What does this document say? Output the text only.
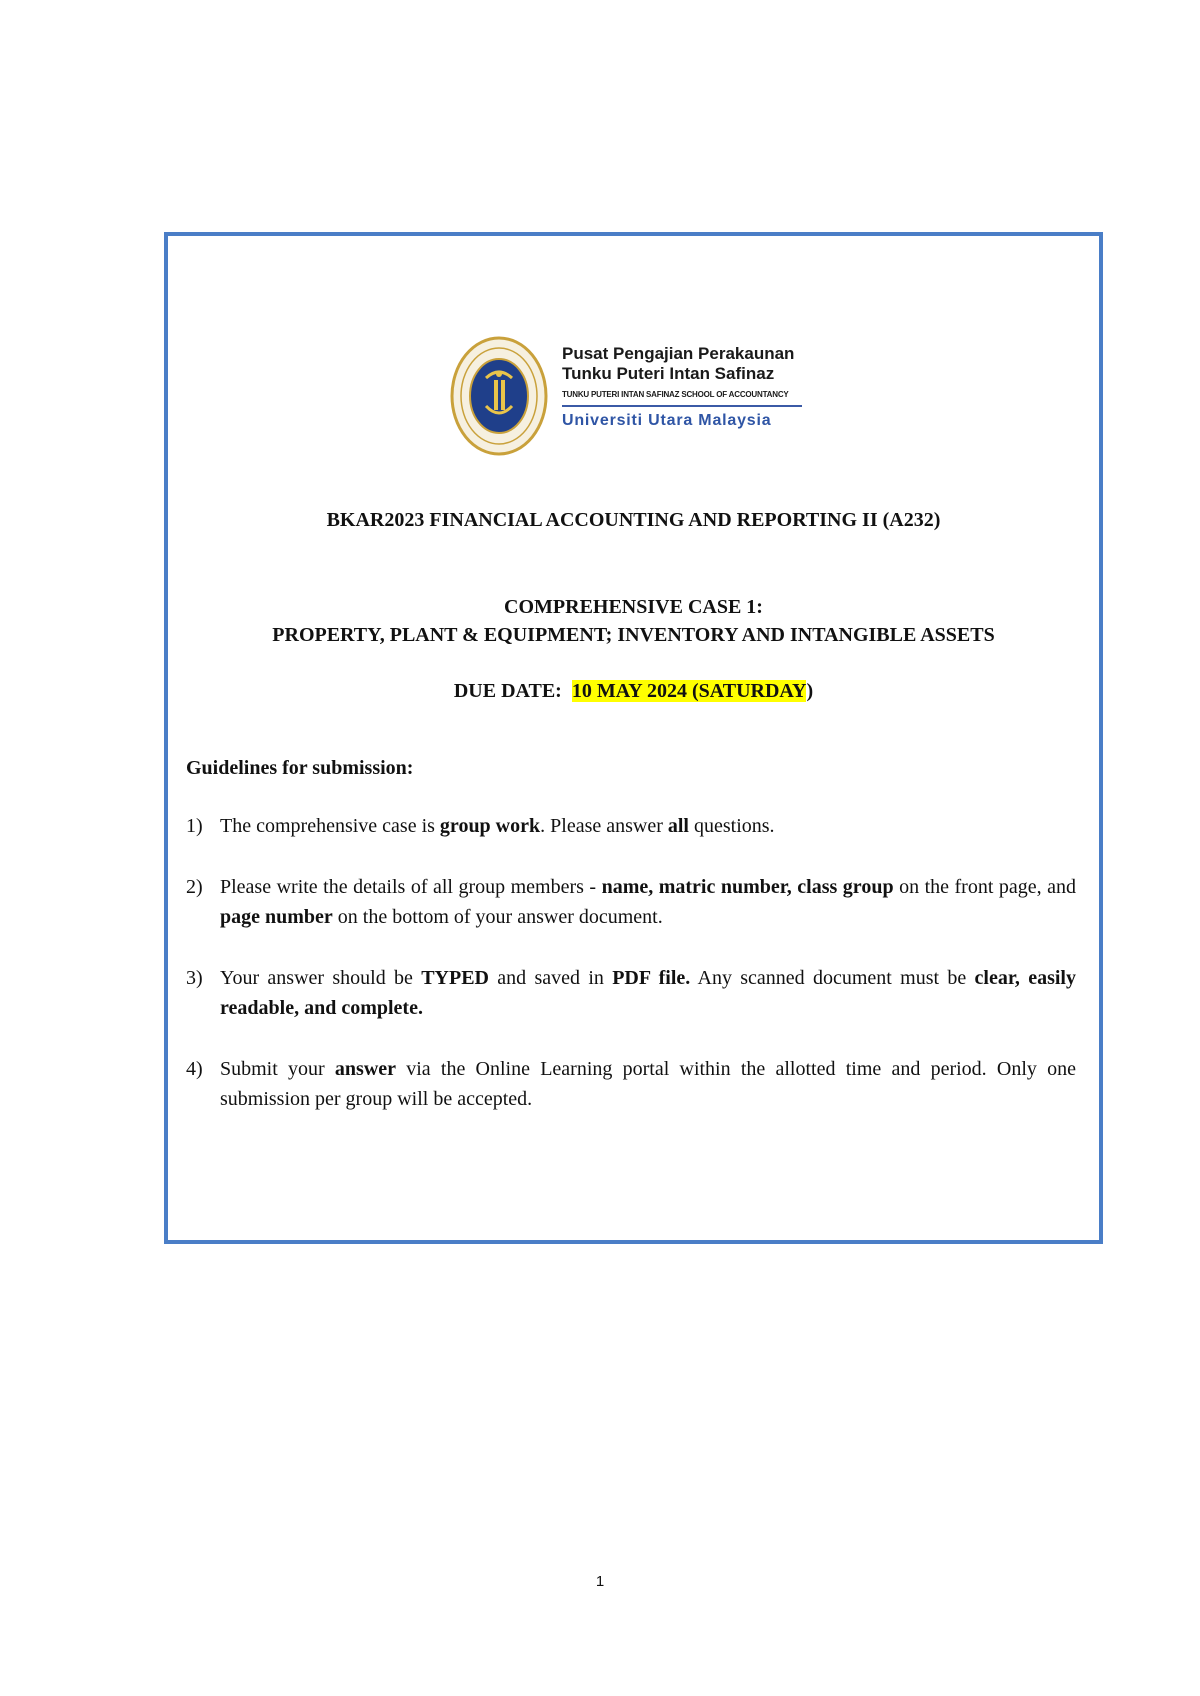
Pusat Pengajian Perakaunan
Tunku Puteri Intan Safinaz
TUNKU PUTERI INTAN SAFINAZ SCHOOL OF ACCOUNTANCY
Universiti Utara Malaysia
BKAR2023 FINANCIAL ACCOUNTING AND REPORTING II (A232)
COMPREHENSIVE CASE 1:
PROPERTY, PLANT & EQUIPMENT; INVENTORY AND INTANGIBLE ASSETS
DUE DATE: 10 MAY 2024 (SATURDAY)
Guidelines for submission:
1) The comprehensive case is group work. Please answer all questions.
2) Please write the details of all group members - name, matric number, class group on the front page, and page number on the bottom of your answer document.
3) Your answer should be TYPED and saved in PDF file. Any scanned document must be clear, easily readable, and complete.
4) Submit your answer via the Online Learning portal within the allotted time and period. Only one submission per group will be accepted.
1
